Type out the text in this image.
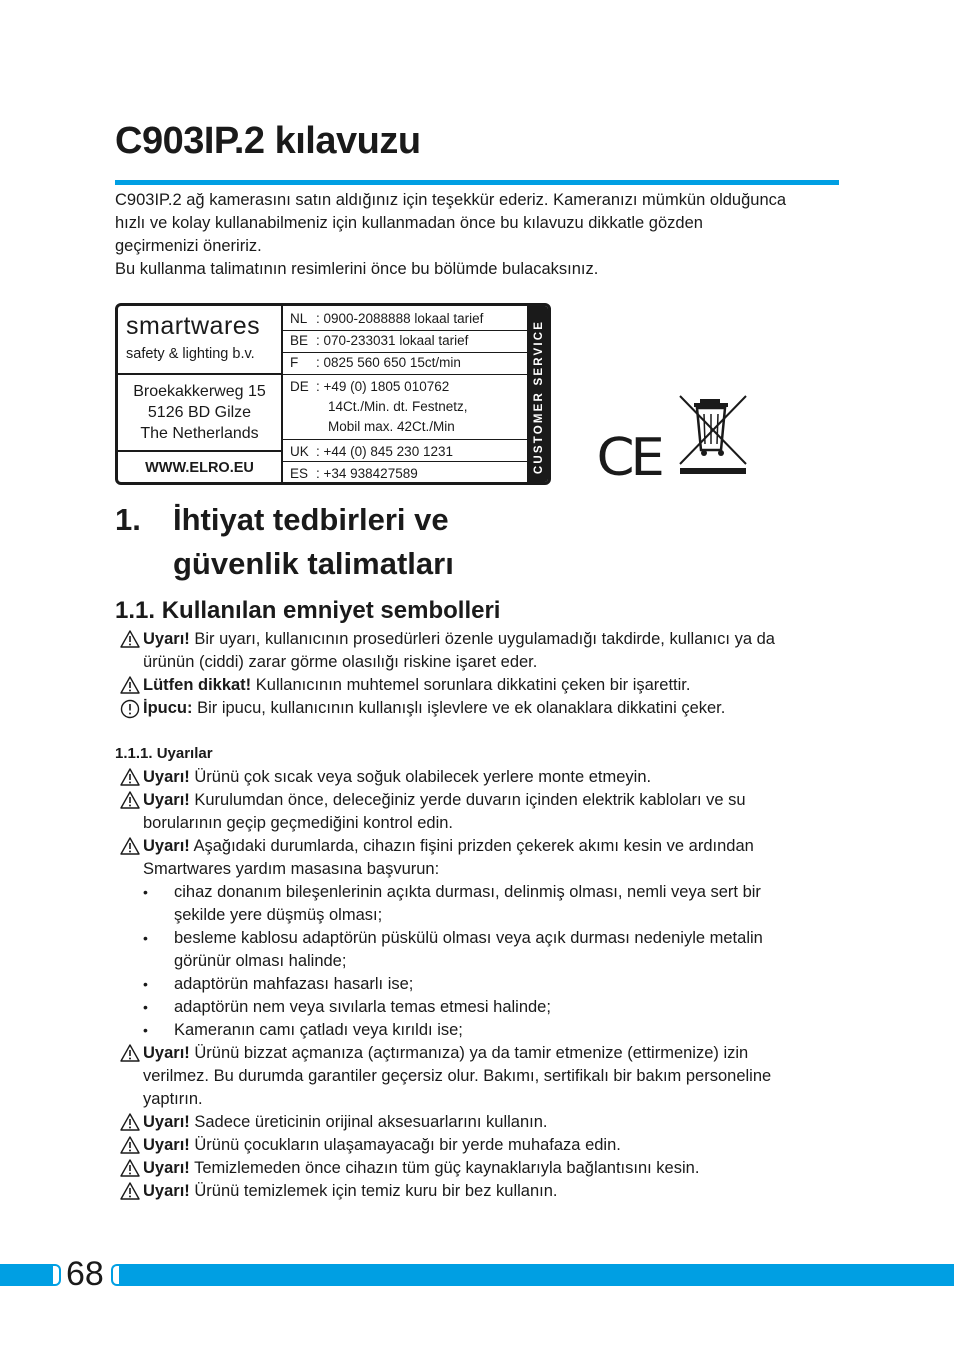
C903IP.2 kılavuzu

C903IP.2 ağ kamerasını satın aldığınız için teşekkür ederiz. Kameranızı mümkün olduğunca

hızlı ve kolay kullanabilmeniz için kullanmadan önce bu kılavuzu dikkatle gözden

geçirmenizi öneririz.

Bu kullanma talimatının resimlerini önce bu bölümde bulacaksınız.

smartwares
safety & lighting b.v.
Broekakkerweg 15
5126 BD Gilze
The Netherlands
WWW.ELRO.EU
NL : 0900-2088888 lokaal tarief
BE : 070-233031 lokaal tarief
F : 0825 560 650 15ct/min
DE : +49 (0) 1805 010762
14Ct./Min. dt. Festnetz,
Mobil max. 42Ct./Min
UK : +44 (0) 845 230 1231
ES : +34 938427589	CUSTOMER SERVICE CE
1. İhtiyat tedbirleri ve
güvenlik talimatları
1.1. Kullanılan emniyet sembolleri
Uyarı! Bir uyarı, kullanıcının prosedürleri özenle uygulamadığı takdirde, kullanıcı ya da
ürünün (ciddi) zarar görme olasılığı riskine işaret eder.
Lütfen dikkat! Kullanıcının muhtemel sorunlara dikkatini çeken bir işarettir.
İpucu: Bir ipucu, kullanıcının kullanışlı işlevlere ve ek olanaklara dikkatini çeker.
1.1.1. Uyarılar
Uyarı! Ürünü çok sıcak veya soğuk olabilecek yerlere monte etmeyin.
Uyarı! Kurulumdan önce, deleceğiniz yerde duvarın içinden elektrik kabloları ve su
borularının geçip geçmediğini kontrol edin.
Uyarı! Aşağıdaki durumlarda, cihazın fişini prizden çekerek akımı kesin ve ardından
Smartwares yardım masasına başvurun:
• cihaz donanım bileşenlerinin açıkta durması, delinmiş olması, nemli veya sert bir
şekilde yere düşmüş olması;
• besleme kablosu adaptörün püskülü olması veya açık durması nedeniyle metalin
görünür olması halinde;
• adaptörün mahfazası hasarlı ise;
• adaptörün nem veya sıvılarla temas etmesi halinde;
• Kameranın camı çatladı veya kırıldı ise;
Uyarı! Ürünü bizzat açmanıza (açtırmanıza) ya da tamir etmenize (ettirmenize) izin
verilmez. Bu durumda garantiler geçersiz olur. Bakımı, sertifikalı bir bakım personeline
yaptırın.
Uyarı! Sadece üreticinin orijinal aksesuarlarını kullanın.
Uyarı! Ürünü çocukların ulaşamayacağı bir yerde muhafaza edin.
Uyarı! Temizlemeden önce cihazın tüm güç kaynaklarıyla bağlantısını kesin.
Uyarı! Ürünü temizlemek için temiz kuru bir bez kullanın.
68
